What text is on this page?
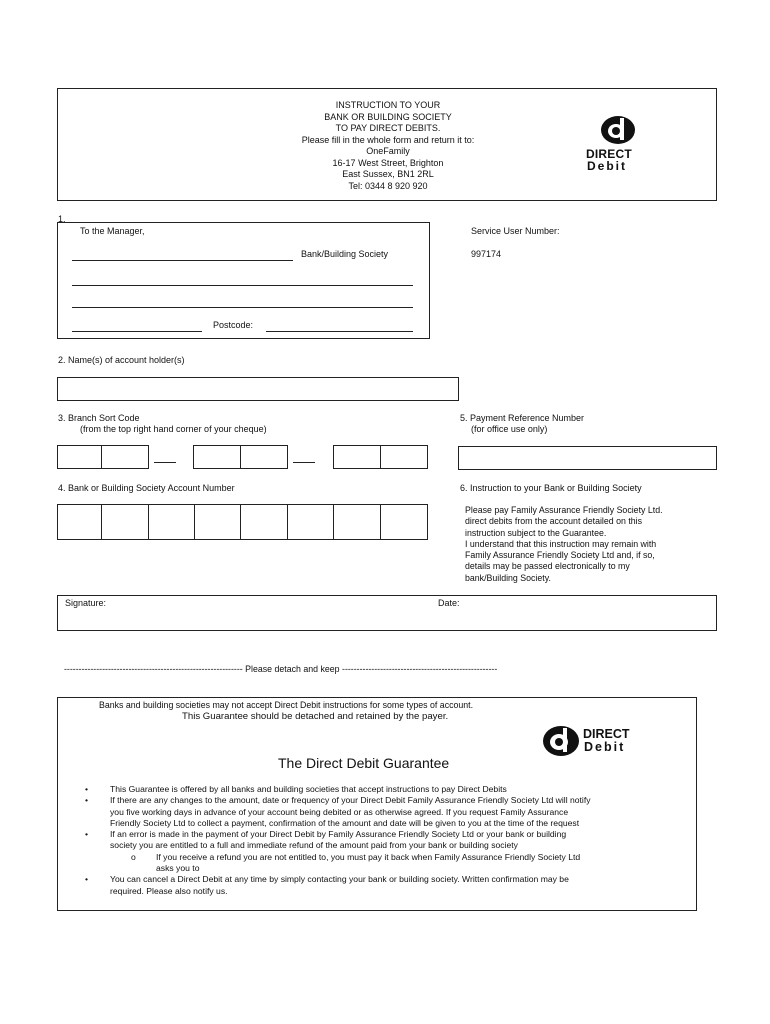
INSTRUCTION TO YOUR
BANK OR BUILDING SOCIETY
TO PAY DIRECT DEBITS.
Please fill in the whole form and return it to:
OneFamily
16-17 West Street, Brighton
East Sussex, BN1 2RL
Tel: 0344 8 920 920
DIRECT
Debit
1.
To the Manager,
Bank/Building Society
Postcode:
Service User Number:
997174
2. Name(s) of account holder(s)
3. Branch Sort Code
(from the top right hand corner of your cheque)
5. Payment Reference Number
(for office use only)
4. Bank or Building Society Account Number	6. Instruction to your Bank or Building Society
Please pay Family Assurance Friendly Society Ltd.
direct debits from the account detailed on this
instruction subject to the Guarantee.
I understand that this instruction may remain with
Family Assurance Friendly Society Ltd and, if so,
details may be passed electronically to my
bank/Building Society.
Signature:	Date:
------------------------------------------------------------- Please detach and keep -----------------------------------------------------
Banks and building societies may not accept Direct Debit instructions for some types of account.
This Guarantee should be detached and retained by the payer.
DIRECT
Debit
The Direct Debit Guarantee
•	This Guarantee is offered by all banks and building societies that accept instructions to pay Direct Debits
•	If there are any changes to the amount, date or frequency of your Direct Debit Family Assurance Friendly Society Ltd will notify
you five working days in advance of your account being debited or as otherwise agreed. If you request Family Assurance
Friendly Society Ltd to collect a payment, confirmation of the amount and date will be given to you at the time of the request
•	If an error is made in the payment of your Direct Debit by Family Assurance Friendly Society Ltd or your bank or building
society you are entitled to a full and immediate refund of the amount paid from your bank or building society
o If you receive a refund you are not entitled to, you must pay it back when Family Assurance Friendly Society Ltd
asks you to
•	You can cancel a Direct Debit at any time by simply contacting your bank or building society. Written confirmation may be
required. Please also notify us.
